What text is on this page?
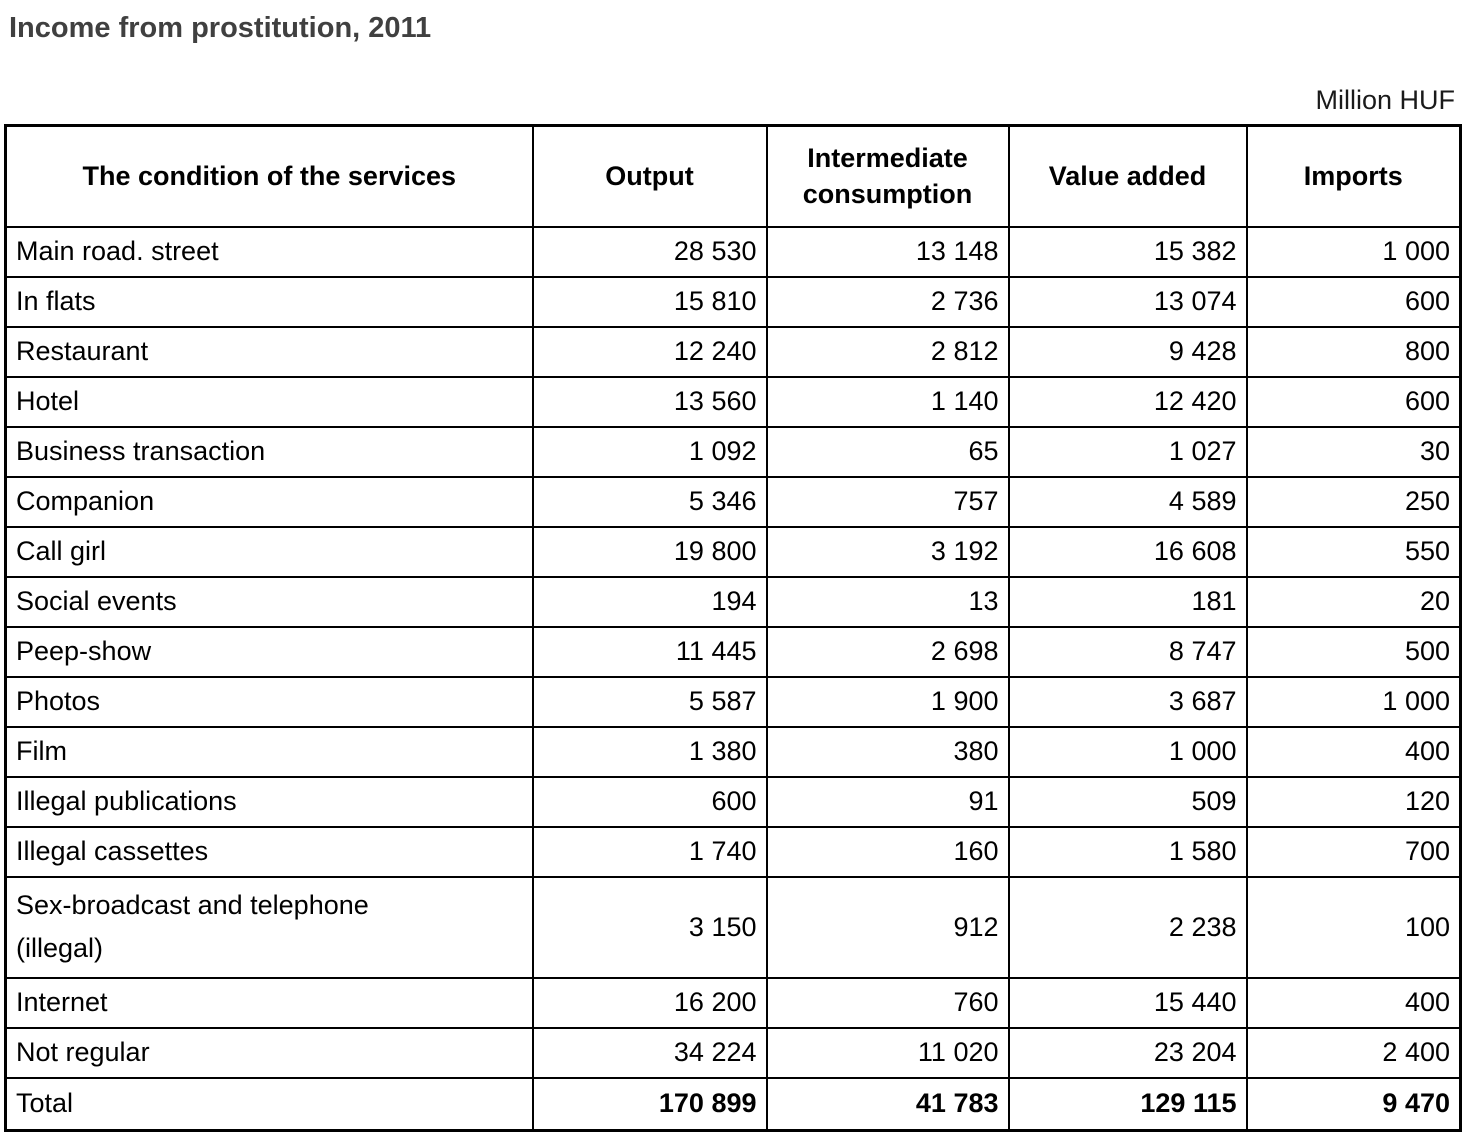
Income from prostitution, 2011
Million HUF
The condition of the services	Output	Intermediate consumption	Value added	Imports
Main road. street	28 530	13 148	15 382	1 000
In flats	15 810	2 736	13 074	600
Restaurant	12 240	2 812	9 428	800
Hotel	13 560	1 140	12 420	600
Business transaction	1 092	65	1 027	30
Companion	5 346	757	4 589	250
Call girl	19 800	3 192	16 608	550
Social events	194	13	181	20
Peep-show	11 445	2 698	8 747	500
Photos	5 587	1 900	3 687	1 000
Film	1 380	380	1 000	400
Illegal publications	600	91	509	120
Illegal cassettes	1 740	160	1 580	700
Sex-broadcast and telephone (illegal)	3 150	912	2 238	100
Internet	16 200	760	15 440	400
Not regular	34 224	11 020	23 204	2 400
Total	170 899	41 783	129 115	9 470
